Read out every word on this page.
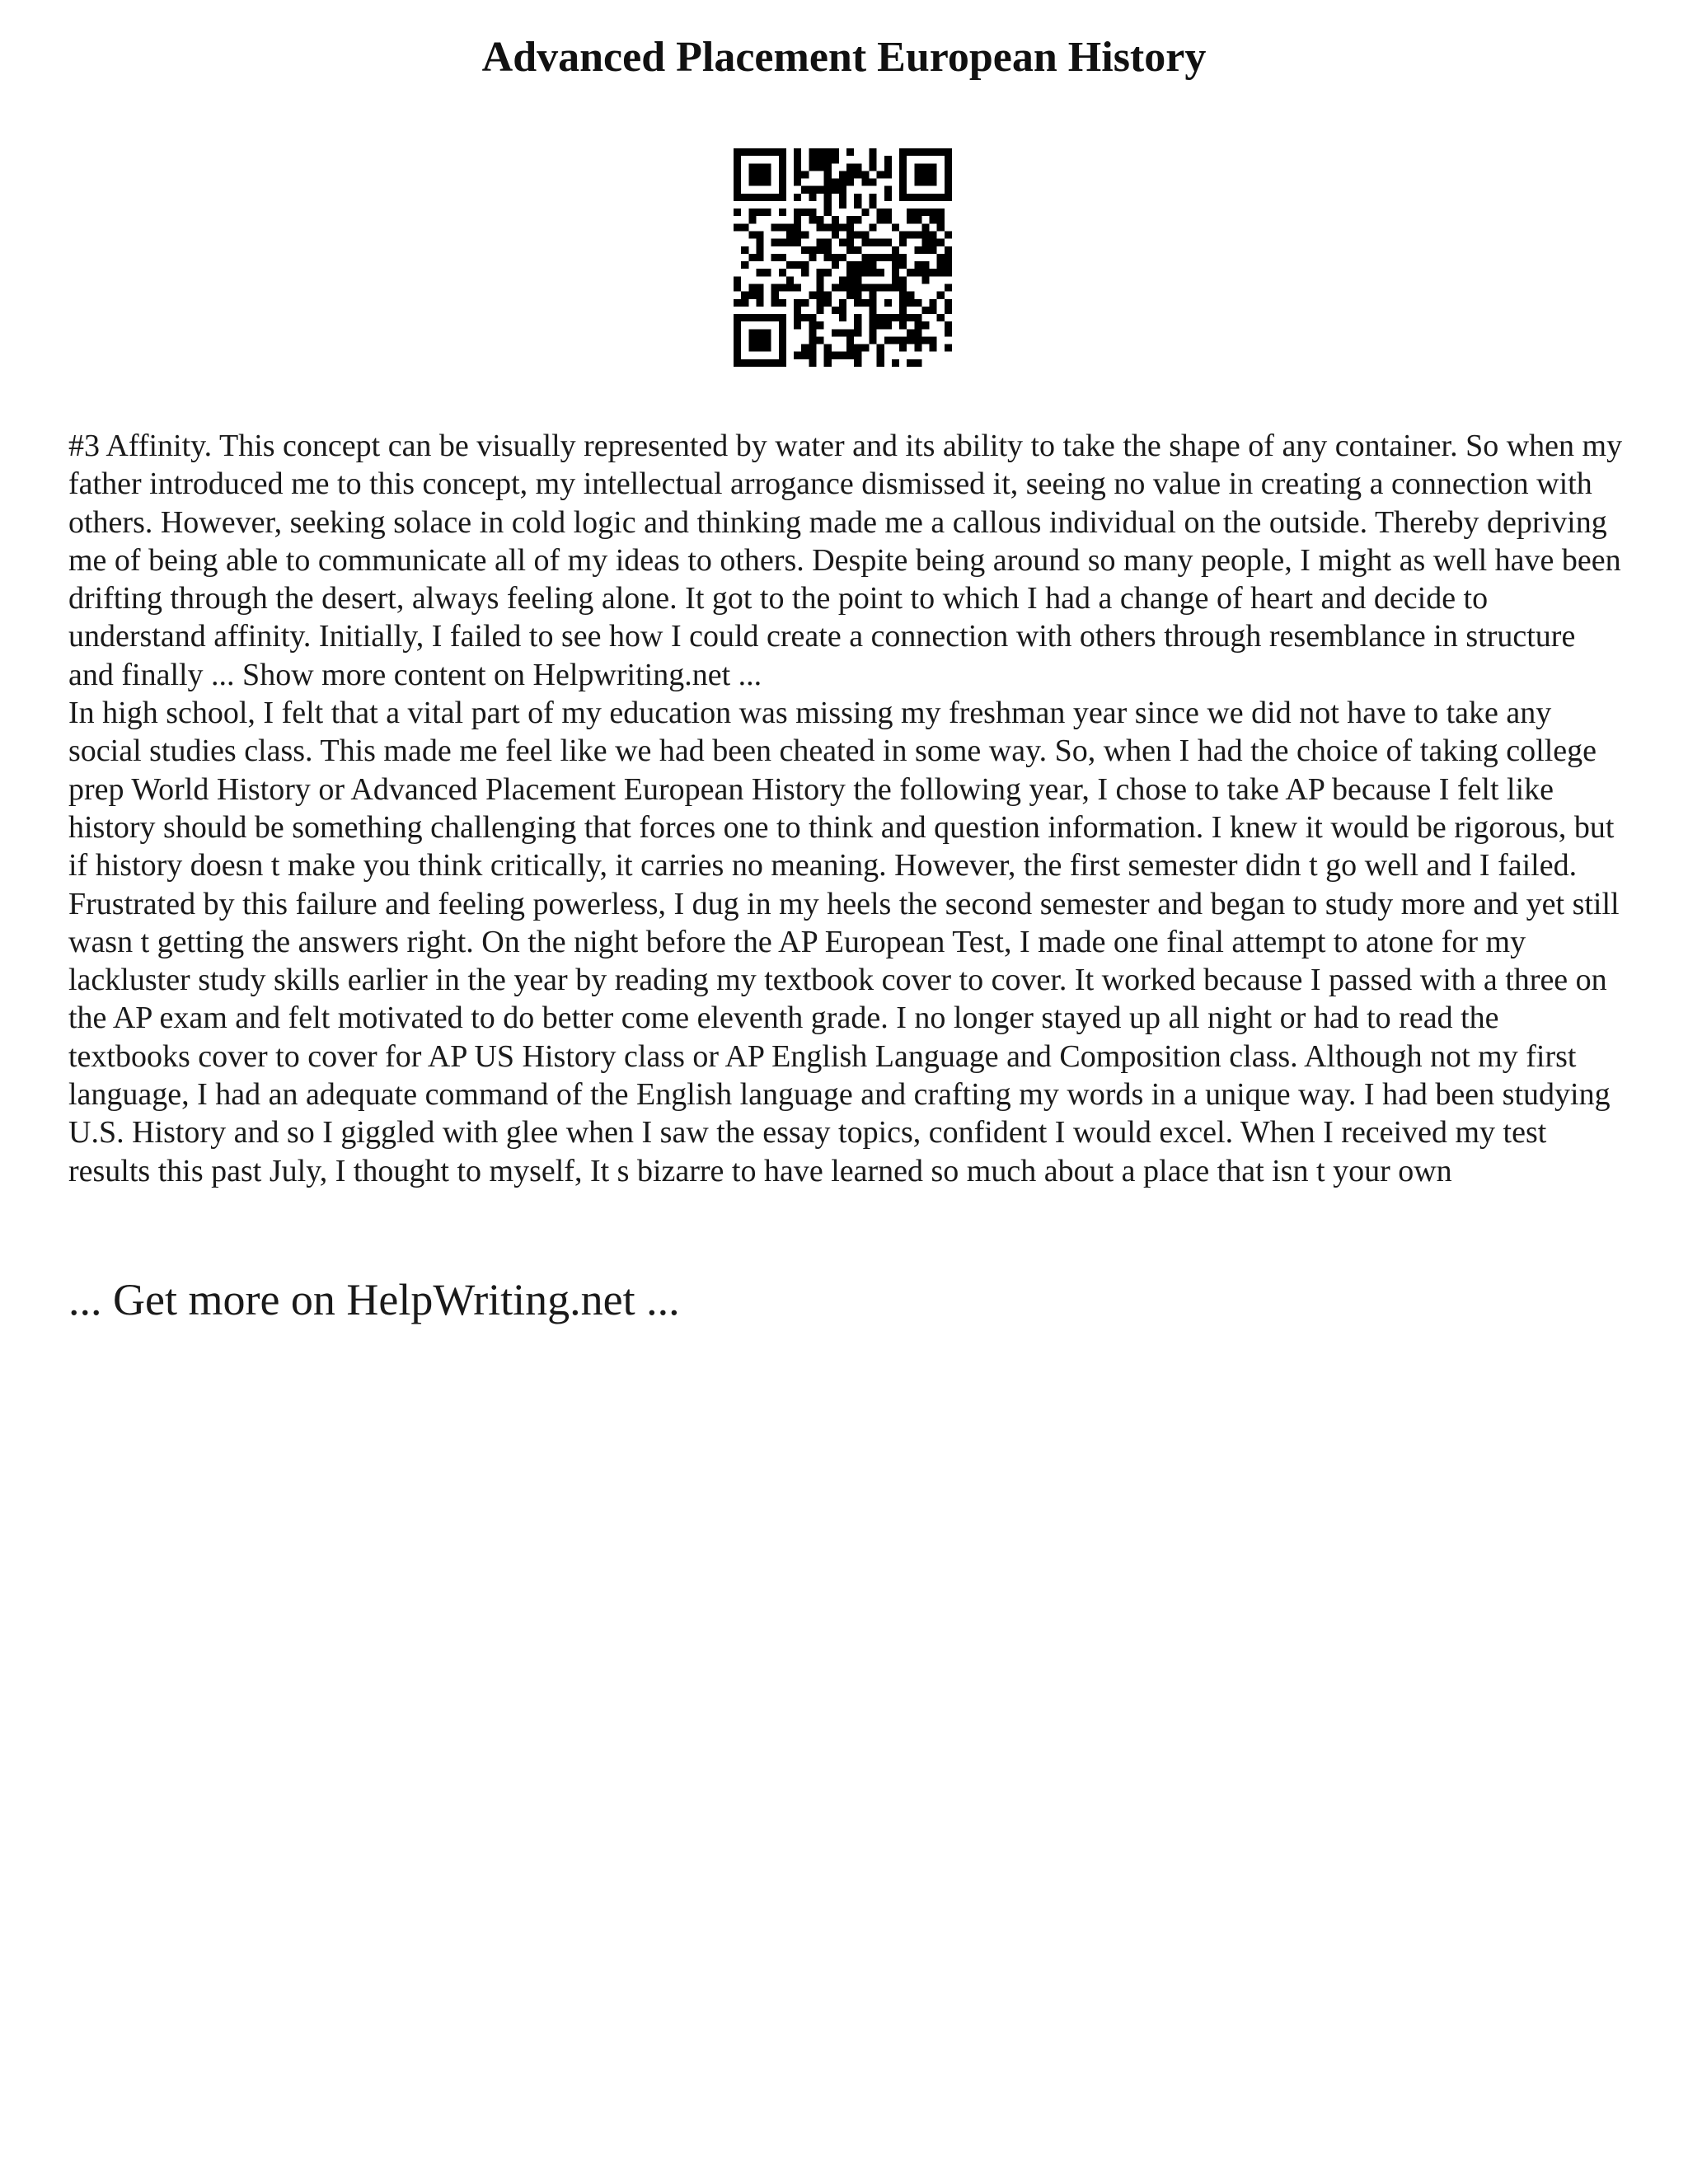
Advanced Placement European History

#3 Affinity. This concept can be visually represented by water and its ability to take the shape of any container. So when my father introduced me to this concept, my intellectual arrogance dismissed it, seeing no value in creating a connection with others. However, seeking solace in cold logic and thinking made me a callous individual on the outside. Thereby depriving me of being able to communicate all of my ideas to others. Despite being around so many people, I might as well have been drifting through the desert, always feeling alone. It got to the point to which I had a change of heart and decide to understand affinity. Initially, I failed to see how I could create a connection with others through resemblance in structure and finally ... Show more content on Helpwriting.net ...

In high school, I felt that a vital part of my education was missing my freshman year since we did not have to take any social studies class. This made me feel like we had been cheated in some way. So, when I had the choice of taking college prep World History or Advanced Placement European History the following year, I chose to take AP because I felt like history should be something challenging that forces one to think and question information. I knew it would be rigorous, but if history doesn t make you think critically, it carries no meaning. However, the first semester didn t go well and I failed. Frustrated by this failure and feeling powerless, I dug in my heels the second semester and began to study more and yet still wasn t getting the answers right. On the night before the AP European Test, I made one final attempt to atone for my lackluster study skills earlier in the year by reading my textbook cover to cover. It worked because I passed with a three on the AP exam and felt motivated to do better come eleventh grade. I no longer stayed up all night or had to read the textbooks cover to cover for AP US History class or AP English Language and Composition class. Although not my first language, I had an adequate command of the English language and crafting my words in a unique way. I had been studying U.S. History and so I giggled with glee when I saw the essay topics, confident I would excel. When I received my test results this past July, I thought to myself, It s bizarre to have learned so much about a place that isn t your own

... Get more on HelpWriting.net ...
